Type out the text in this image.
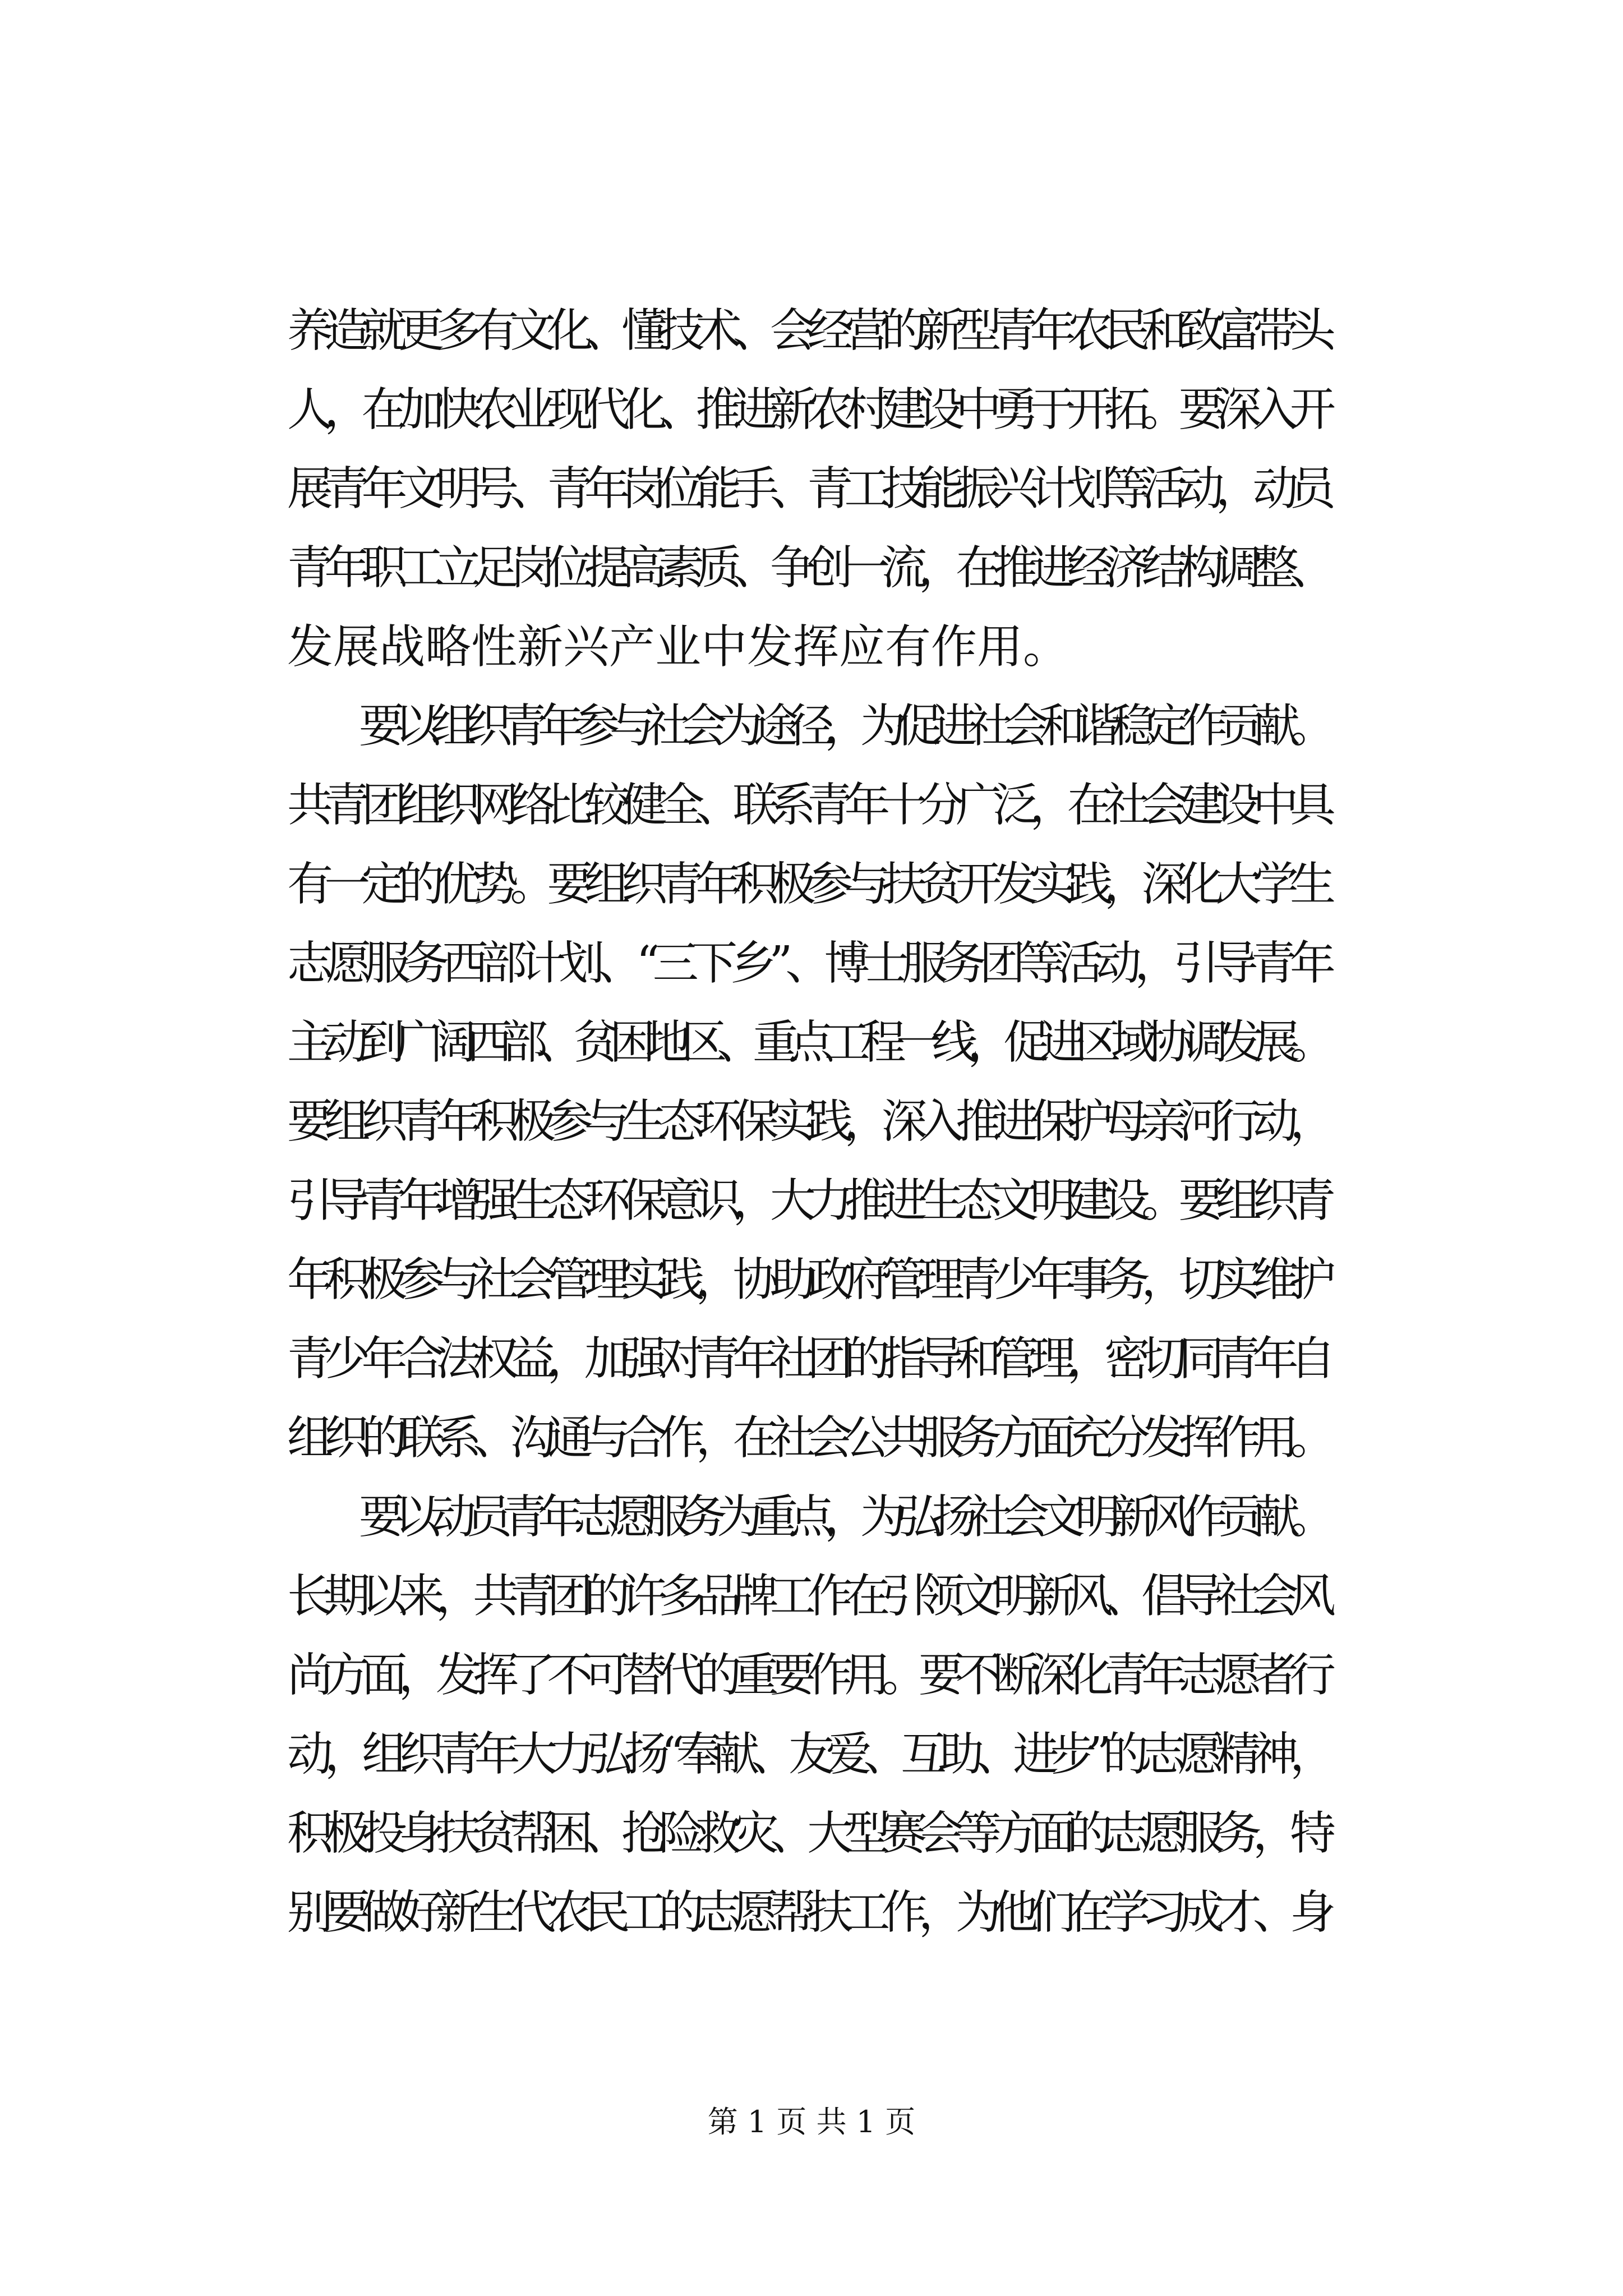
养造就更多有文化、懂技术、会经营的新型青年农民和致富带头
人，在加快农业现代化、推进新农村建设中勇于开拓。要深入开
展青年文明号、青年岗位能手、青工技能振兴计划等活动，动员
青年职工立足岗位提高素质、争创一流，在推进经济结构调整、
发展战略性新兴产业中发挥应有作用。
　　要以组织青年参与社会为途径，为促进社会和谐稳定作贡献。
共青团组织网络比较健全、联系青年十分广泛，在社会建设中具
有一定的优势。要组织青年积极参与扶贫开发实践，深化大学生
志愿服务西部计划、“三下乡”、博士服务团等活动，引导青年
主动到广阔西部、贫困地区、重点工程一线，促进区域协调发展。
要组织青年积极参与生态环保实践，深入推进保护母亲河行动，
引导青年增强生态环保意识，大力推进生态文明建设。要组织青
年积极参与社会管理实践，协助政府管理青少年事务，切实维护
青少年合法权益，加强对青年社团的指导和管理，密切同青年自
组织的联系、沟通与合作，在社会公共服务方面充分发挥作用。
　　要以动员青年志愿服务为重点，为弘扬社会文明新风作贡献。
长期以来，共青团的许多品牌工作在引领文明新风、倡导社会风
尚方面，发挥了不可替代的重要作用。要不断深化青年志愿者行
动，组织青年大力弘扬“奉献、友爱、互助、进步”的志愿精神，
积极投身扶贫帮困、抢险救灾、大型赛会等方面的志愿服务，特
别要做好新生代农民工的志愿帮扶工作，为他们在学习成才、身
第 1 页 共 1 页
